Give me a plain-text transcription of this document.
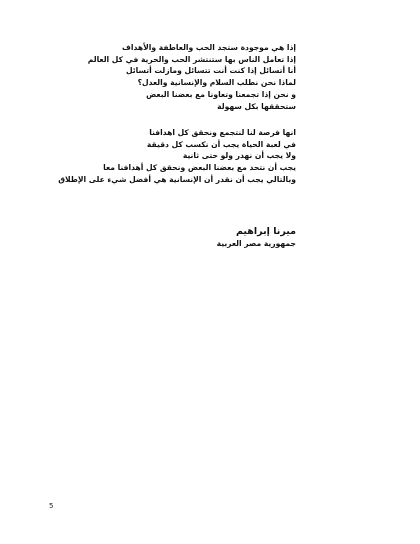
إذا هي موجودة ستجد الحب والعاطفة والأهداف
إذا تعامل الناس بها ستنتشر الحب والحرية في كل العالم
أنا أتسائل إذا كنت أنت تتسائل ومازلت أتسائل
لماذا نحن نطلب السلام والإنسانية والعدل؟
و نحن إذا تجمعنا وتعاونا مع بعضنا البعض
ستحققها بكل سهولة
انها فرصة لنا لنتجمع ونحقق كل اهدافنا
في لعبة الحياة يجب أن نكسب كل دقيقة
ولا يجب أن نهدر ولو حتى ثانية
يجب أن نتحد مع بعضنا البعض ونحقق كل أهدافنا معا
وبالتالي يجب أن نقدر أن الإنسانية هي أفضل شيء على الإطلاق
ميرنا إبراهيم
جمهورية مصر العربية
5
